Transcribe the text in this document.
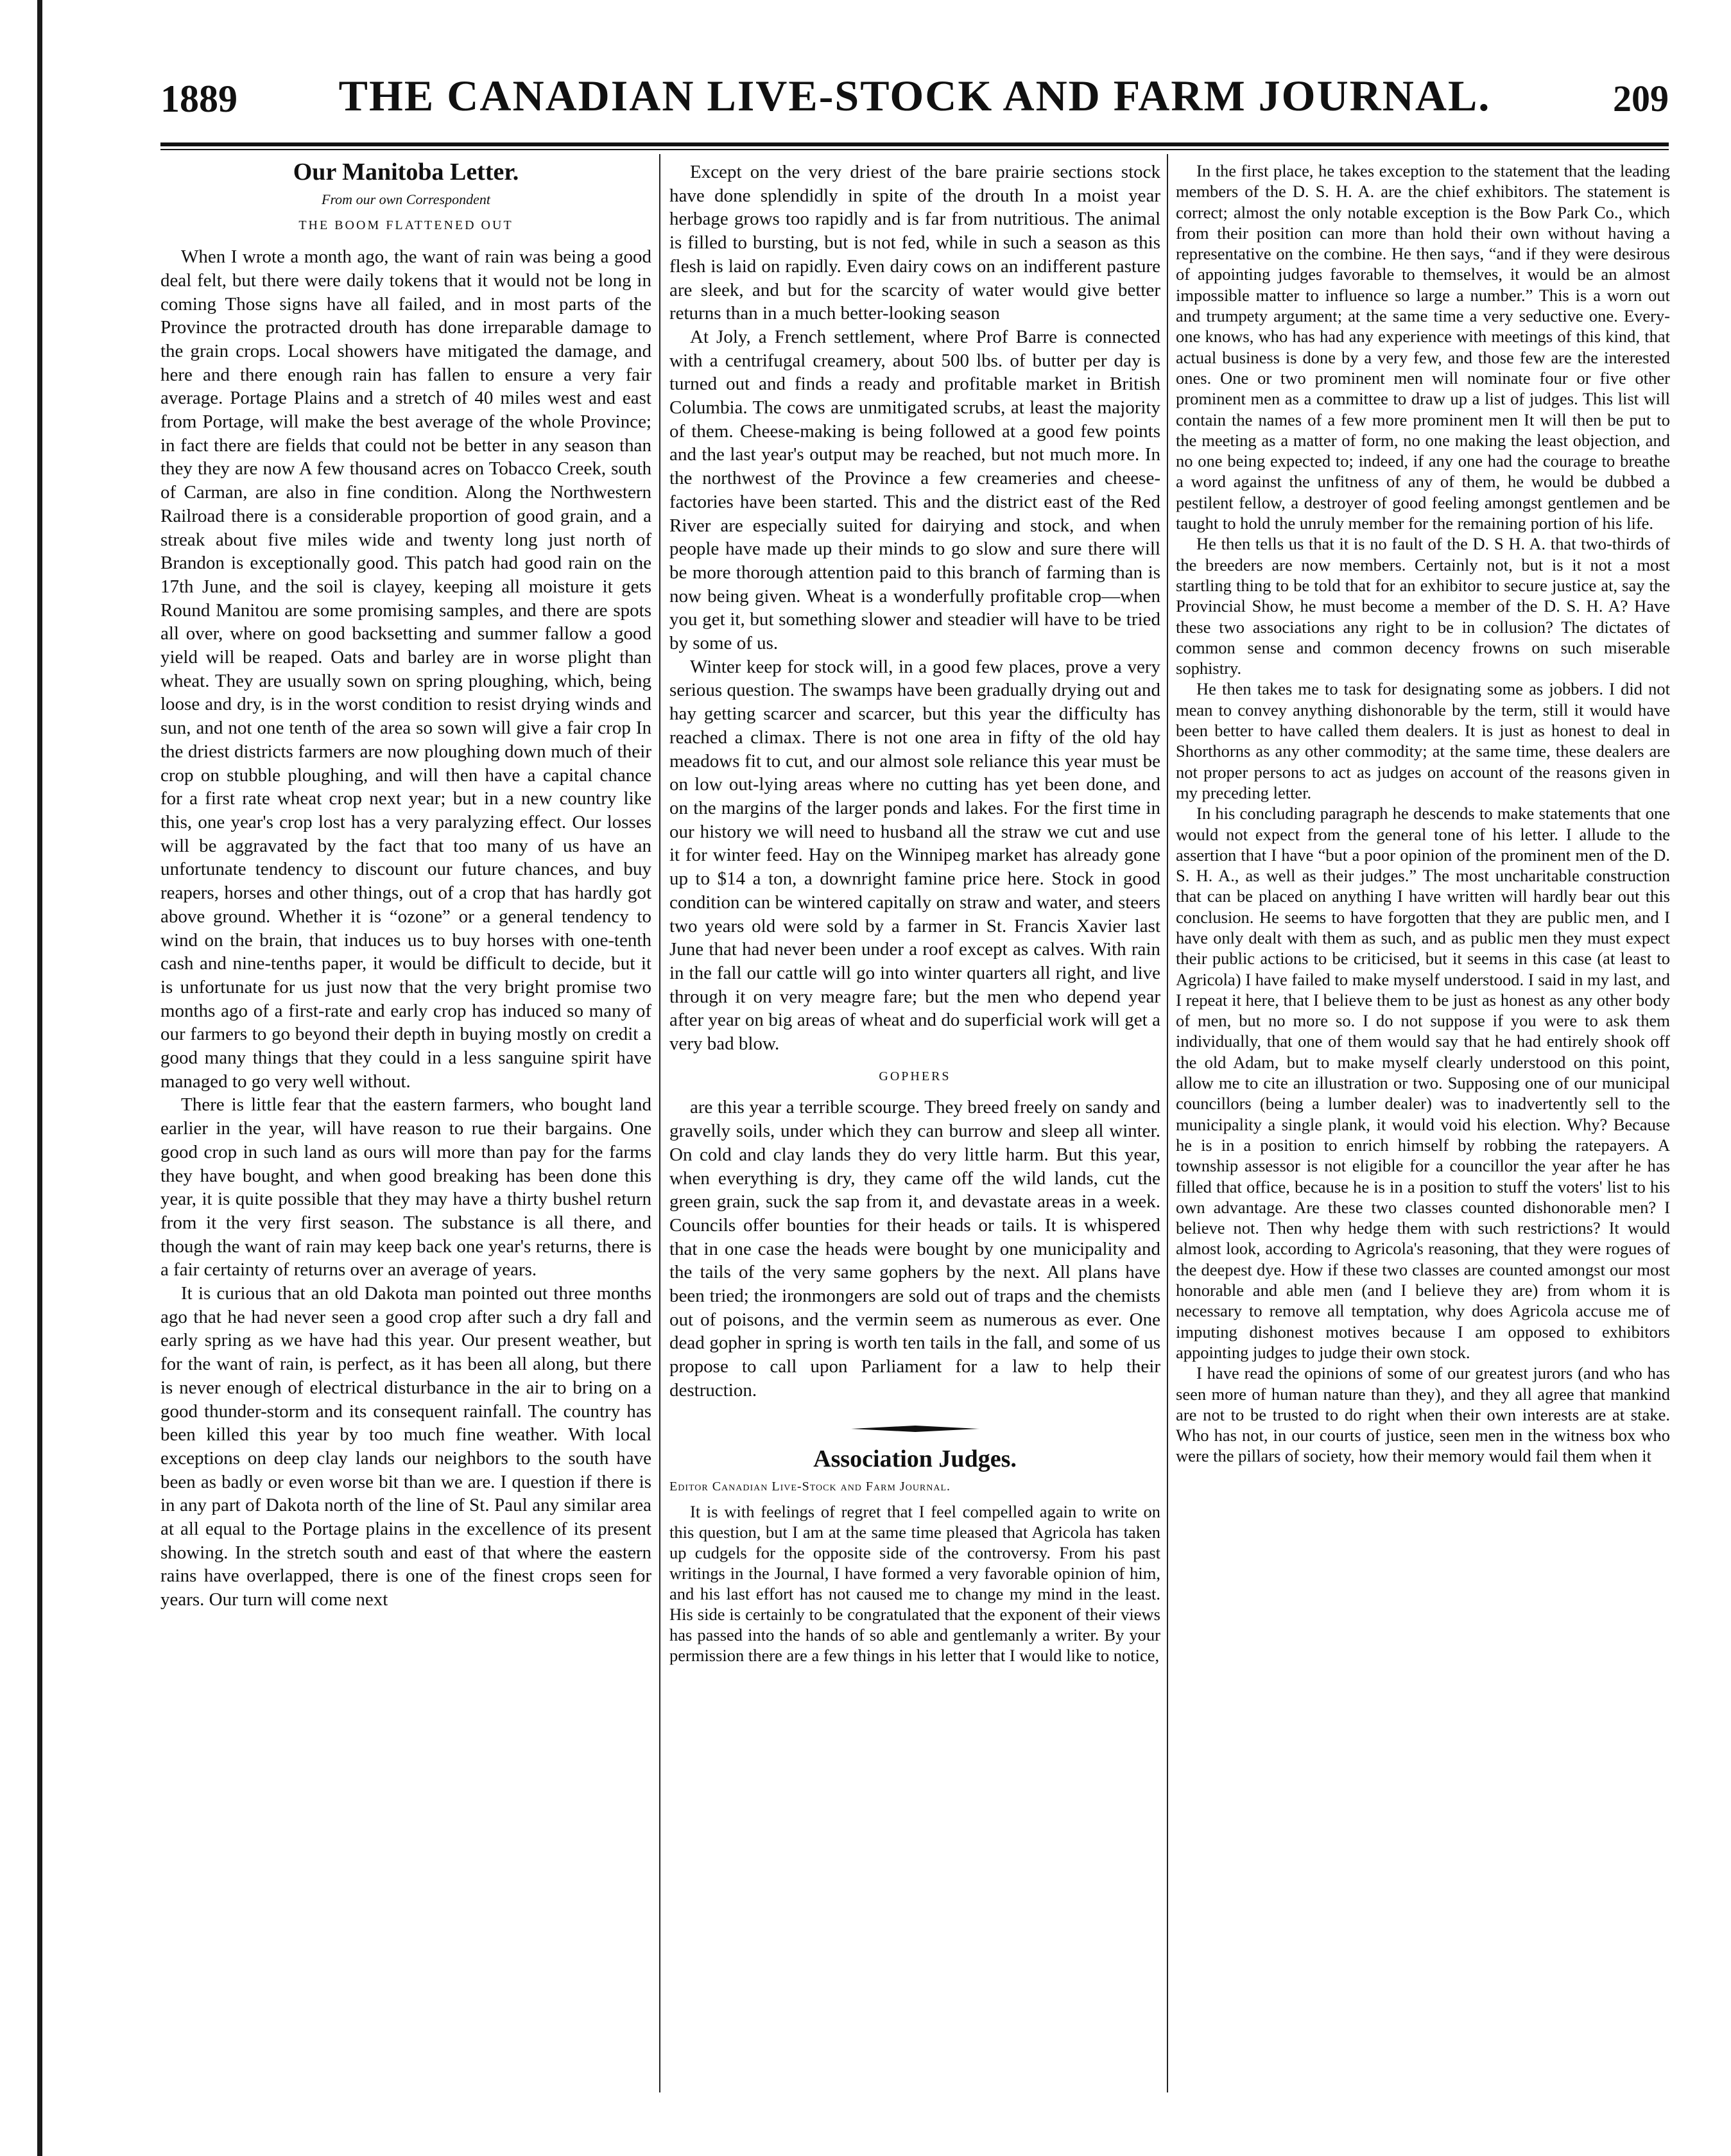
1889	THE CANADIAN LIVE-STOCK AND FARM JOURNAL.	209
Our Manitoba Letter.

From our own Correspondent

THE BOOM FLATTENED OUT

When I wrote a month ago, the want of rain was being a good deal felt, but there were daily tokens that it would not be long in coming Those signs have all failed, and in most parts of the Province the protracted drouth has done irreparable damage to the grain crops. Local showers have mitigated the damage, and here and there enough rain has fallen to ensure a very fair average. Portage Plains and a stretch of 40 miles west and east from Portage, will make the best average of the whole Province; in fact there are fields that could not be better in any season than they they are now A few thousand acres on Tobacco Creek, south of Carman, are also in fine condition. Along the Northwestern Railroad there is a considerable proportion of good grain, and a streak about five miles wide and twenty long just north of Brandon is exceptionally good. This patch had good rain on the 17th June, and the soil is clayey, keeping all moisture it gets Round Manitou are some promising samples, and there are spots all over, where on good backsetting and summer fallow a good yield will be reaped. Oats and barley are in worse plight than wheat. They are usually sown on spring ploughing, which, being loose and dry, is in the worst condition to resist drying winds and sun, and not one tenth of the area so sown will give a fair crop In the driest districts farmers are now ploughing down much of their crop on stubble ploughing, and will then have a capital chance for a first rate wheat crop next year; but in a new country like this, one year's crop lost has a very paralyzing effect. Our losses will be aggravated by the fact that too many of us have an unfortunate tendency to discount our future chances, and buy reapers, horses and other things, out of a crop that has hardly got above ground. Whether it is “ozone” or a general tendency to wind on the brain, that induces us to buy horses with one-tenth cash and nine-tenths paper, it would be difficult to decide, but it is unfortunate for us just now that the very bright promise two months ago of a first-rate and early crop has induced so many of our farmers to go beyond their depth in buying mostly on credit a good many things that they could in a less sanguine spirit have managed to go very well without.

There is little fear that the eastern farmers, who bought land earlier in the year, will have reason to rue their bargains. One good crop in such land as ours will more than pay for the farms they have bought, and when good breaking has been done this year, it is quite possible that they may have a thirty bushel return from it the very first season. The substance is all there, and though the want of rain may keep back one year's returns, there is a fair certainty of returns over an average of years.

It is curious that an old Dakota man pointed out three months ago that he had never seen a good crop after such a dry fall and early spring as we have had this year. Our present weather, but for the want of rain, is perfect, as it has been all along, but there is never enough of electrical disturbance in the air to bring on a good thunder-storm and its consequent rainfall. The country has been killed this year by too much fine weather. With local exceptions on deep clay lands our neighbors to the south have been as badly or even worse bit than we are. I question if there is in any part of Dakota north of the line of St. Paul any similar area at all equal to the Portage plains in the excellence of its present showing. In the stretch south and east of that where the eastern rains have overlapped, there is one of the finest crops seen for years. Our turn will come next

Except on the very driest of the bare prairie sections stock have done splendidly in spite of the drouth In a moist year herbage grows too rapidly and is far from nutritious. The animal is filled to bursting, but is not fed, while in such a season as this flesh is laid on rapidly. Even dairy cows on an indifferent pasture are sleek, and but for the scarcity of water would give better returns than in a much better-looking season

At Joly, a French settlement, where Prof Barre is connected with a centrifugal creamery, about 500 lbs. of butter per day is turned out and finds a ready and profitable market in British Columbia. The cows are unmitigated scrubs, at least the majority of them. Cheese-making is being followed at a good few points and the last year's output may be reached, but not much more. In the northwest of the Province a few creameries and cheese-factories have been started. This and the district east of the Red River are especially suited for dairying and stock, and when people have made up their minds to go slow and sure there will be more thorough attention paid to this branch of farming than is now being given. Wheat is a wonderfully profitable crop—when you get it, but something slower and steadier will have to be tried by some of us.

Winter keep for stock will, in a good few places, prove a very serious question. The swamps have been gradually drying out and hay getting scarcer and scarcer, but this year the difficulty has reached a climax. There is not one area in fifty of the old hay meadows fit to cut, and our almost sole reliance this year must be on low out-lying areas where no cutting has yet been done, and on the margins of the larger ponds and lakes. For the first time in our history we will need to husband all the straw we cut and use it for winter feed. Hay on the Winnipeg market has already gone up to $14 a ton, a downright famine price here. Stock in good condition can be wintered capitally on straw and water, and steers two years old were sold by a farmer in St. Francis Xavier last June that had never been under a roof except as calves. With rain in the fall our cattle will go into winter quarters all right, and live through it on very meagre fare; but the men who depend year after year on big areas of wheat and do superficial work will get a very bad blow.

GOPHERS

are this year a terrible scourge. They breed freely on sandy and gravelly soils, under which they can burrow and sleep all winter. On cold and clay lands they do very little harm. But this year, when everything is dry, they came off the wild lands, cut the green grain, suck the sap from it, and devastate areas in a week. Councils offer bounties for their heads or tails. It is whispered that in one case the heads were bought by one municipality and the tails of the very same gophers by the next. All plans have been tried; the ironmongers are sold out of traps and the chemists out of poisons, and the vermin seem as numerous as ever. One dead gopher in spring is worth ten tails in the fall, and some of us propose to call upon Parliament for a law to help their destruction.

Association Judges.

Editor Canadian Live-Stock and Farm Journal.

It is with feelings of regret that I feel compelled again to write on this question, but I am at the same time pleased that Agricola has taken up cudgels for the opposite side of the controversy. From his past writings in the Journal, I have formed a very favorable opinion of him, and his last effort has not caused me to change my mind in the least. His side is certainly to be congratulated that the exponent of their views has passed into the hands of so able and gentlemanly a writer. By your permission there are a few things in his letter that I would like to notice,

In the first place, he takes exception to the statement that the leading members of the D. S. H. A. are the chief exhibitors. The statement is correct; almost the only notable exception is the Bow Park Co., which from their position can more than hold their own without having a representative on the combine. He then says, “and if they were desirous of appointing judges favorable to themselves, it would be an almost impossible matter to influence so large a number.” This is a worn out and trumpety argument; at the same time a very seductive one. Every-one knows, who has had any experience with meetings of this kind, that actual business is done by a very few, and those few are the interested ones. One or two prominent men will nominate four or five other prominent men as a committee to draw up a list of judges. This list will contain the names of a few more prominent men It will then be put to the meeting as a matter of form, no one making the least objection, and no one being expected to; indeed, if any one had the courage to breathe a word against the unfitness of any of them, he would be dubbed a pestilent fellow, a destroyer of good feeling amongst gentlemen and be taught to hold the unruly member for the remaining portion of his life.

He then tells us that it is no fault of the D. S H. A. that two-thirds of the breeders are now members. Certainly not, but is it not a most startling thing to be told that for an exhibitor to secure justice at, say the Provincial Show, he must become a member of the D. S. H. A? Have these two associations any right to be in collusion? The dictates of common sense and common decency frowns on such miserable sophistry.

He then takes me to task for designating some as jobbers. I did not mean to convey anything dishonorable by the term, still it would have been better to have called them dealers. It is just as honest to deal in Shorthorns as any other commodity; at the same time, these dealers are not proper persons to act as judges on account of the reasons given in my preceding letter.

In his concluding paragraph he descends to make statements that one would not expect from the general tone of his letter. I allude to the assertion that I have “but a poor opinion of the prominent men of the D. S. H. A., as well as their judges.” The most uncharitable construction that can be placed on anything I have written will hardly bear out this conclusion. He seems to have forgotten that they are public men, and I have only dealt with them as such, and as public men they must expect their public actions to be criticised, but it seems in this case (at least to Agricola) I have failed to make myself understood. I said in my last, and I repeat it here, that I believe them to be just as honest as any other body of men, but no more so. I do not suppose if you were to ask them individually, that one of them would say that he had entirely shook off the old Adam, but to make myself clearly understood on this point, allow me to cite an illustration or two. Supposing one of our municipal councillors (being a lumber dealer) was to inadvertently sell to the municipality a single plank, it would void his election. Why? Because he is in a position to enrich himself by robbing the ratepayers. A township assessor is not eligible for a councillor the year after he has filled that office, because he is in a position to stuff the voters' list to his own advantage. Are these two classes counted dishonorable men? I believe not. Then why hedge them with such restrictions? It would almost look, according to Agricola's reasoning, that they were rogues of the deepest dye. How if these two classes are counted amongst our most honorable and able men (and I believe they are) from whom it is necessary to remove all temptation, why does Agricola accuse me of imputing dishonest motives because I am opposed to exhibitors appointing judges to judge their own stock.

I have read the opinions of some of our greatest jurors (and who has seen more of human nature than they), and they all agree that mankind are not to be trusted to do right when their own interests are at stake. Who has not, in our courts of justice, seen men in the witness box who were the pillars of society, how their memory would fail them when it
